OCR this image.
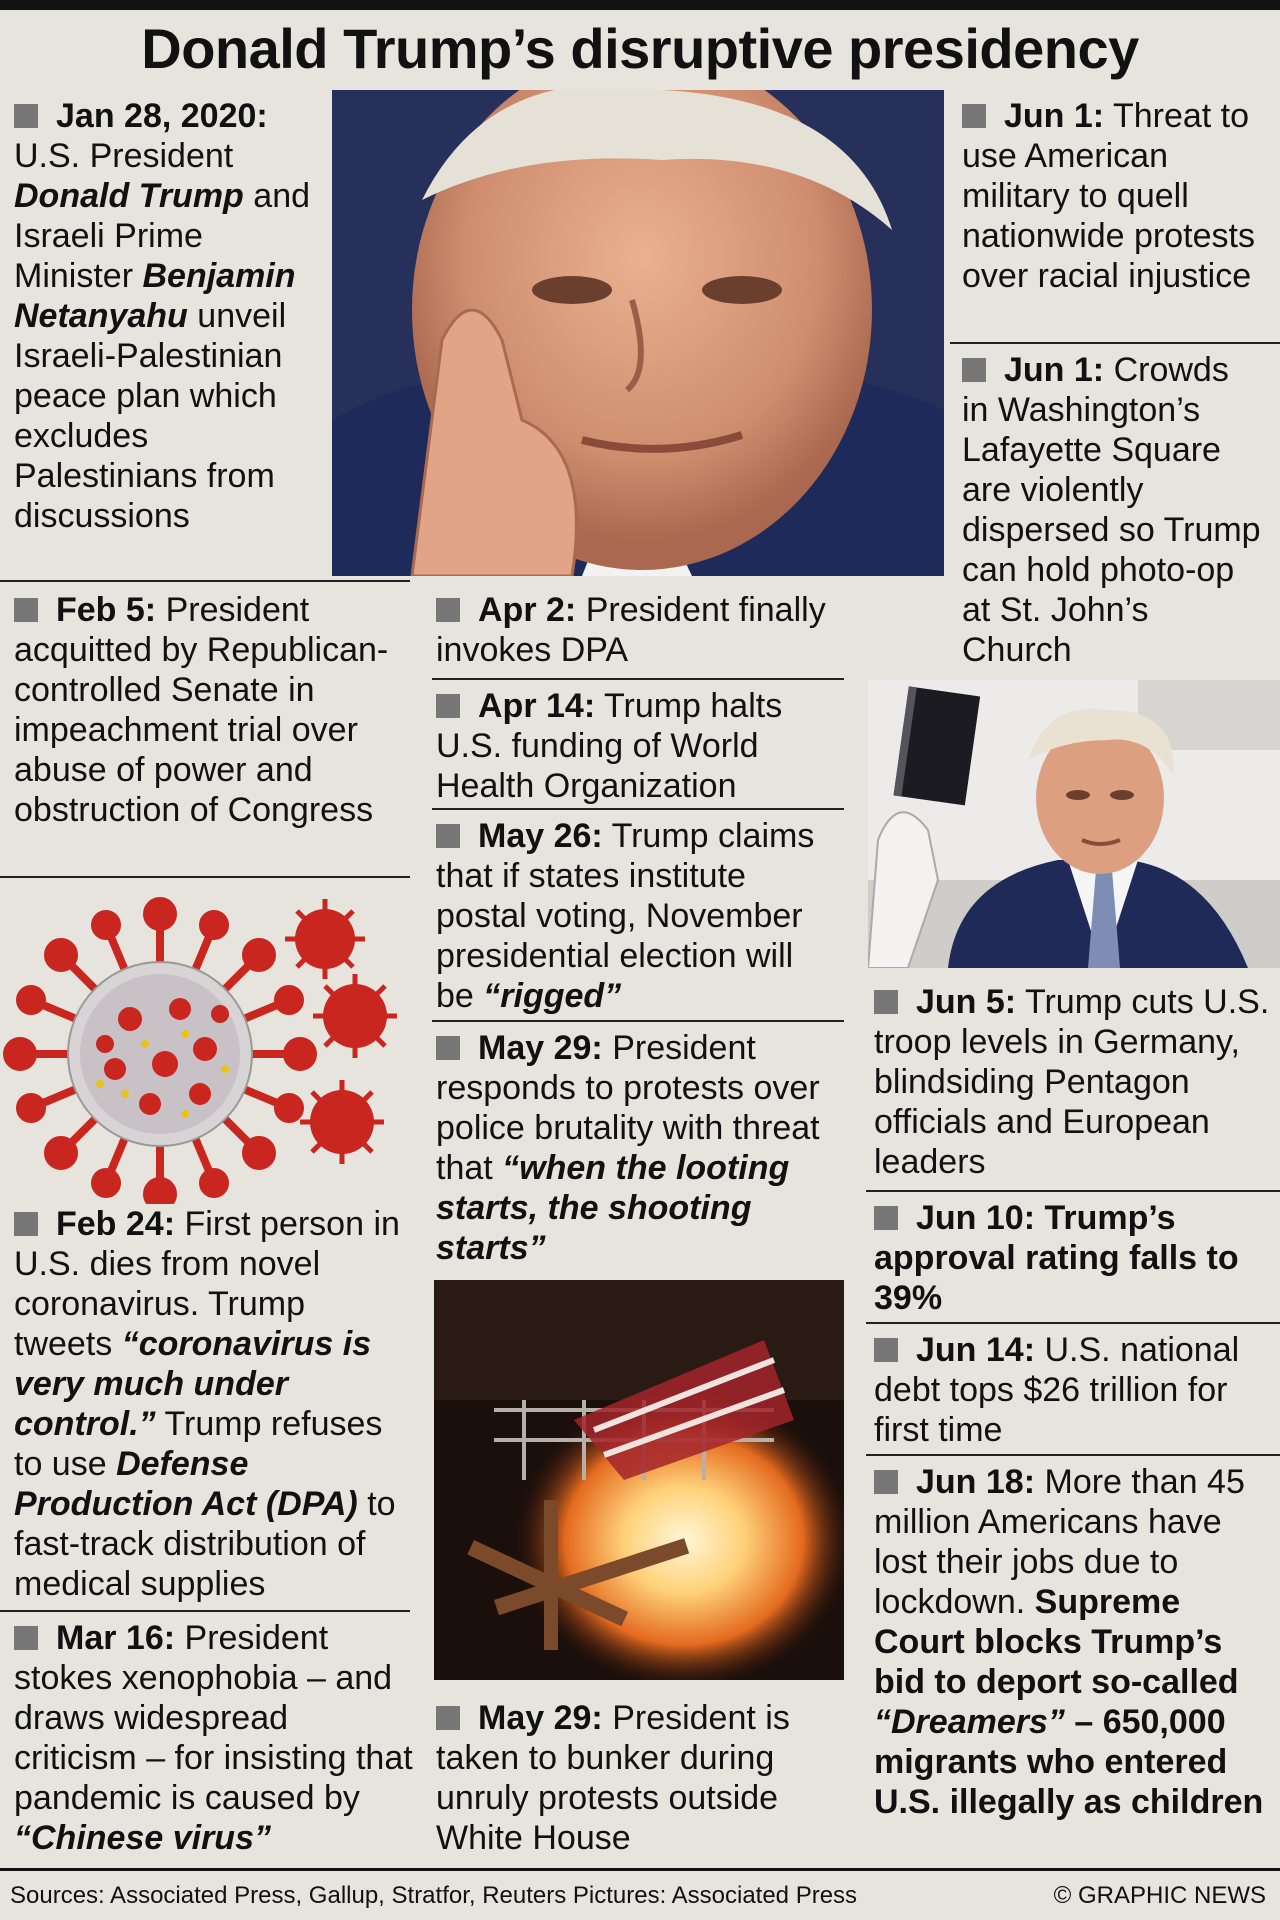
Donald Trump’s disruptive presidency
Jan 28, 2020: U.S. President Donald Trump and Israeli Prime Minister Benjamin Netanyahu unveil Israeli-Palestinian peace plan which excludes Palestinians from discussions
Feb 5: President acquitted by Republican-controlled Senate in impeachment trial over abuse of power and obstruction of Congress
Feb 24: First person in U.S. dies from novel coronavirus. Trump tweets “coronavirus is very much under control.” Trump refuses to use Defense Production Act (DPA) to fast-track distribution of medical supplies
Mar 16: President stokes xenophobia – and draws widespread criticism – for insisting that pandemic is caused by “Chinese virus”
Apr 2: President finally invokes DPA
Apr 14: Trump halts U.S. funding of World Health Organization
May 26: Trump claims that if states institute postal voting, November presidential election will be “rigged”
May 29: President responds to protests over police brutality with threat that “when the looting starts, the shooting starts”
May 29: President is taken to bunker during unruly protests outside White House
Jun 1: Threat to use American military to quell nationwide protests over racial injustice
Jun 1: Crowds in Washington’s Lafayette Square are violently dispersed so Trump can hold photo-op at St. John’s Church
Jun 5: Trump cuts U.S. troop levels in Germany, blindsiding Pentagon officials and European leaders
Jun 10: Trump’s approval rating falls to 39%
Jun 14: U.S. national debt tops $26 trillion for first time
Jun 18: More than 45 million Americans have lost their jobs due to lockdown. Supreme Court blocks Trump’s bid to deport so-called “Dreamers” – 650,000 migrants who entered U.S. illegally as children
Sources: Associated Press, Gallup, Stratfor, Reuters Pictures: Associated Press	© GRAPHIC NEWS
